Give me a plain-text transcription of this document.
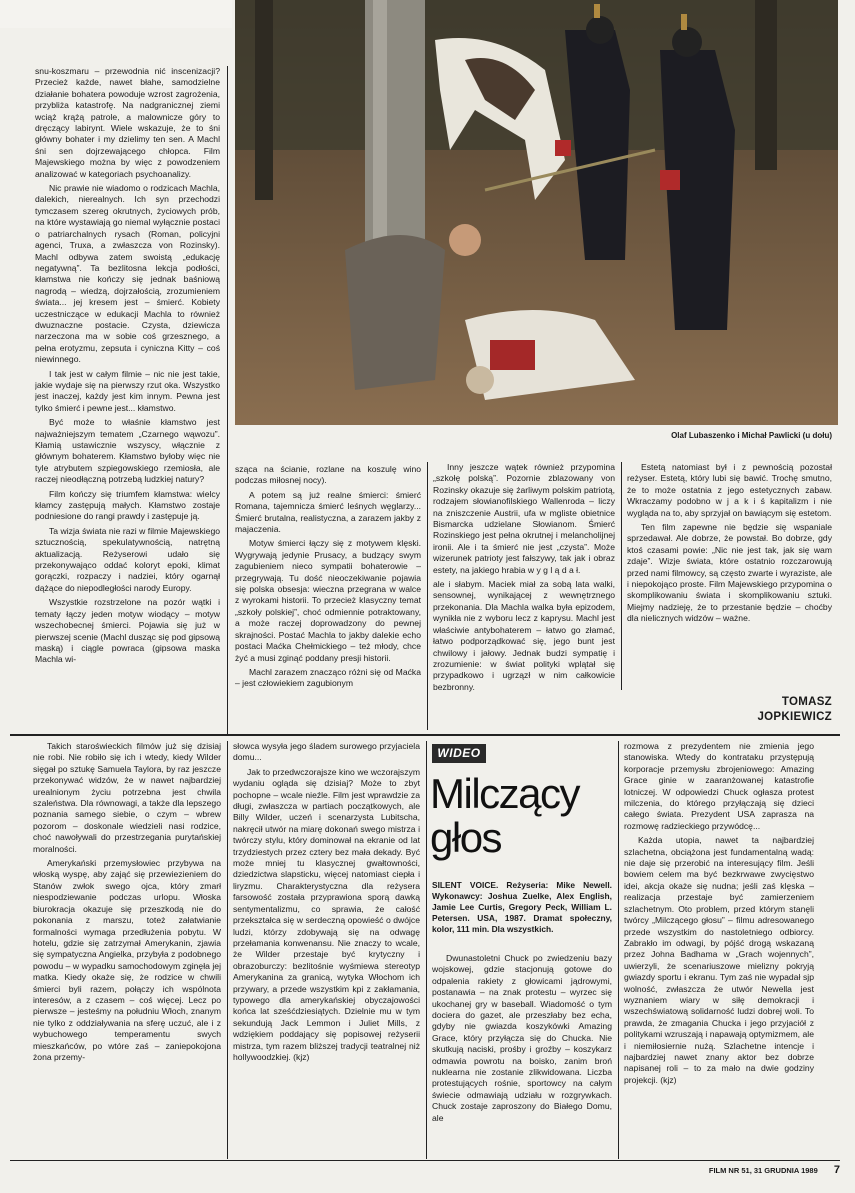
snu-koszmaru – przewodnia nić inscenizacji? Przecież każde, nawet błahe, samodzielne działanie bohatera powoduje wzrost zagrożenia, przybliża katastrofę. Na nadgranicznej ziemi wciąż krążą patrole, a malownicze góry to dręczący labirynt. Wiele wskazuje, że to śni główny bohater i my dzielimy ten sen. A Machl śni sen dojrzewającego chłopca. Film Majewskiego można by więc z powodzeniem analizować w kategoriach psychoanalizy.

Nic prawie nie wiadomo o rodzicach Machla, dalekich, nierealnych. Ich syn przechodzi tymczasem szereg okrutnych, życiowych prób, na które wystawiają go niemal wyłącznie postaci o patriarchalnych rysach (Roman, policyjni agenci, Truxa, a zwłaszcza von Rozinsky). Machl odbywa zatem swoistą „edukację negatywną”. Ta bezlitosna lekcja podłości, kłamstwa nie kończy się jednak baśniową nagrodą – wiedzą, dojrzałością, zrozumieniem świata... jej kresem jest – śmierć. Kobiety uczestniczące w edukacji Machla to również dwuznaczne postacie. Czysta, dziewicza narzeczona ma w sobie coś grzesznego, a pełna erotyzmu, zepsuta i cyniczna Kitty – coś niewinnego.

I tak jest w całym filmie – nic nie jest takie, jakie wydaje się na pierwszy rzut oka. Wszystko jest inaczej, każdy jest kim innym. Pewna jest tylko śmierć i pewne jest... kłamstwo.

Być może to właśnie kłamstwo jest najważniejszym tematem „Czarnego wąwozu”. Kłamią ustawicznie wszyscy, włącznie z głównym bohaterem. Kłamstwo byłoby więc nie tyle atrybutem szpiegowskiego rzemiosła, ale raczej nieodłączną potrzebą ludzkiej natury?

Film kończy się triumfem kłamstwa: wielcy kłamcy zastępują małych. Kłamstwo zostaje podniesione do rangi prawdy i zastępuje ją.

Ta wizja świata nie razi w filmie Majewskiego sztucznością, spekulatywnością, natrętną aktualizacją. Reżyserowi udało się przekonywająco oddać koloryt epoki, klimat gorączki, rozpaczy i nadziei, który ogarnął dążące do niepodległości narody Europy.

Wszystkie rozstrzelone na pozór wątki i tematy łączy jeden motyw wiodący – motyw wszechobecnej śmierci. Pojawia się już w pierwszej scenie (Machl dusząc się pod gipsową maską) i ciągle powraca (gipsowa maska Machla wi-

Olaf Lubaszenko i Michał Pawlicki (u dołu)

sząca na ścianie, rozlane na koszulę wino podczas miłosnej nocy).

A potem są już realne śmierci: śmierć Romana, tajemnicza śmierć leśnych węglarzy... Śmierć brutalna, realistyczna, a zarazem jakby z majaczenia.

Motyw śmierci łączy się z motywem klęski. Wygrywają jedynie Prusacy, a budzący swym zagubieniem nieco sympatii bohaterowie – przegrywają. Tu dość nieoczekiwanie pojawia się polska obsesja: wieczna przegrana w walce z wyrokami historii. To przecież klasyczny temat „szkoły polskiej”, choć odmiennie potraktowany, a może raczej doprowadzony do pewnej skrajności. Postać Machla to jakby dalekie echo postaci Maćka Chełmickiego – też młody, chce żyć a musi zginąć poddany presji historii.

Machl zarazem znacząco różni się od Maćka – jest człowiekiem zagubionym

Inny jeszcze wątek również przypomina „szkołę polską”. Pozornie zblazowany von Rozinsky okazuje się żarliwym polskim patriotą, rodzajem słowianofilskiego Wallenroda – liczy na zniszczenie Austrii, ufa w mgliste obietnice Bismarcka udzielane Słowianom. Śmierć Rozinskiego jest pełna okrutnej i melancholijnej ironii. Ale i ta śmierć nie jest „czysta”. Może wizerunek patrioty jest fałszywy, tak jak i obraz estety, na jakiego hrabia w y g l ą d a ł.

ale i słabym. Maciek miał za sobą lata walki, sensownej, wynikającej z wewnętrznego przekonania. Dla Machla walka była epizodem, wynikła nie z wyboru lecz z kaprysu. Machl jest właściwie antybohaterem – łatwo go złamać, łatwo podporządkować się, jego bunt jest chwilowy i jałowy. Jednak budzi sympatię i zrozumienie: w świat polityki wplątał się przypadkowo i ugrzązł w nim całkowicie bezbronny.

Estetą natomiast był i z pewnością pozostał reżyser. Estetą, który lubi się bawić. Trochę smutno, że to może ostatnia z jego estetycznych zabaw. Wkraczamy podobno w j a k i ś kapitalizm i nie wygląda na to, aby sprzyjał on bawiącym się estetom.

Ten film zapewne nie będzie się wspaniale sprzedawał. Ale dobrze, że powstał. Bo dobrze, gdy ktoś czasami powie: „Nic nie jest tak, jak się wam zdaje”. Wizje świata, które ostatnio rozczarowują przed nami filmowcy, są często zwarte i wyraziste, ale i niepokojąco proste. Film Majewskiego przypomina o skomplikowaniu świata i skomplikowaniu sztuki. Miejmy nadzieję, że to przestanie będzie – choćby dla nielicznych widzów – ważne.

TOMASZ
JOPKIEWICZ

Takich staroświeckich filmów już się dzisiaj nie robi. Nie robiło się ich i wtedy, kiedy Wilder sięgał po sztukę Samuela Taylora, by raz jeszcze przekonywać widzów, że w nawet najbardziej urealnionym życiu potrzebna jest chwila szaleństwa. Dla równowagi, a także dla lepszego poznania samego siebie, o czym – wbrew pozorom – doskonale wiedzieli nasi rodzice, choć nawoływali do przestrzegania purytańskiej moralności.

Amerykański przemysłowiec przybywa na włoską wyspę, aby zająć się przewiezieniem do Stanów zwłok swego ojca, który zmarł niespodziewanie podczas urlopu. Włoska biurokracja okazuje się przeszkodą nie do pokonania z marszu, toteż załatwianie formalności wymaga przedłużenia pobytu. W hotelu, gdzie się zatrzymał Amerykanin, zjawia się sympatyczna Angielka, przybyła z podobnego powodu – w wypadku samochodowym zginęła jej matka. Kiedy okaże się, że rodzice w chwili śmierci byli razem, połączy ich wspólnota interesów, a z czasem – coś więcej. Lecz po pierwsze – jesteśmy na południu Włoch, znanym nie tylko z oddziaływania na sferę uczuć, ale i z wybuchowego temperamentu swych mieszkańców, po wtóre zaś – zaniepokojona żona przemy-

słowca wysyła jego śladem surowego przyjaciela domu...

Jak to przedwczorajsze kino we wczorajszym wydaniu ogląda się dzisiaj? Może to zbyt pochopne – wcale nieźle. Film jest wprawdzie za długi, zwłaszcza w partiach początkowych, ale Billy Wilder, uczeń i scenarzysta Lubitscha, nakręcił utwór na miarę dokonań swego mistrza i twórczy stylu, który dominował na ekranie od lat trzydziestych przez cztery bez mała dekady. Być może mniej tu klasycznej gwałtowności, dziedzictwa slapsticku, więcej natomiast ciepła i liryzmu. Charakterystyczna dla reżysera farsowość została przyprawiona sporą dawką sentymentalizmu, co sprawia, że całość przekształca się w serdeczną opowieść o dwójce ludzi, którzy zdobywają się na odwagę przełamania konwenansu. Nie znaczy to wcale, że Wilder przestaje być krytyczny i obrazoburczy: bezlitośnie wyśmiewa stereotyp Amerykanina za granicą, wytyka Włochom ich przywary, a przede wszystkim kpi z zakłamania, typowego dla amerykańskiej obyczajowości końca lat sześćdziesiątych. Dzielnie mu w tym sekundują Jack Lemmon i Juliet Mills, z wdziękiem poddający się popisowej reżyserii mistrza, tym razem bliższej tradycji teatralnej niż hollywoodzkiej. (kjz)

WIDEO
Milczący głos
SILENT VOICE. Reżyseria: Mike Newell. Wykonawcy: Joshua Zuelke, Alex English, Jamie Lee Curtis, Gregory Peck, William L. Petersen. USA, 1987. Dramat społeczny, kolor, 111 min. Dla wszystkich.

Dwunastoletni Chuck po zwiedzeniu bazy wojskowej, gdzie stacjonują gotowe do odpalenia rakiety z głowicami jądrowymi, postanawia – na znak protestu – wyrzec się ukochanej gry w baseball. Wiadomość o tym dociera do gazet, ale przeszłaby bez echa, gdyby nie gwiazda koszykówki Amazing Grace, który przyłącza się do Chucka. Nie skutkują naciski, prośby i groźby – koszykarz odmawia powrotu na boisko, zanim broń nuklearna nie zostanie zlikwidowana. Liczba protestujących rośnie, sportowcy na całym świecie odmawiają udziału w rozgrywkach. Chuck zostaje zaproszony do Białego Domu, ale

rozmowa z prezydentem nie zmienia jego stanowiska. Wtedy do kontrataku przystępują korporacje przemysłu zbrojeniowego: Amazing Grace ginie w zaaranżowanej katastrofie lotniczej. W odpowiedzi Chuck ogłasza protest milczenia, do którego przyłączają się dzieci całego świata. Prezydent USA zaprasza na rozmowę radzieckiego przywódcę...

Każda utopia, nawet ta najbardziej szlachetna, obciążona jest fundamentalną wadą: nie daje się przerobić na interesujący film. Jeśli bowiem celem ma być bezkrwawe zwycięstwo idei, akcja okaże się nudna; jeśli zaś klęska – realizacja przestaje być zamierzeniem szlachetnym. Oto problem, przed którym stanęli twórcy „Milczącego głosu” – filmu adresowanego przede wszystkim do nastoletniego odbiorcy. Zabrakło im odwagi, by pójść drogą wskazaną przez Johna Badhama w „Grach wojennych”, uwierzyli, że scenariuszowe mielizny pokryją gwiazdy sportu i ekranu. Tym zaś nie wypadał sjp wolność, zwłaszcza że utwór Newella jest wyznaniem wiary w siłę demokracji i wszechświatową solidarność ludzi dobrej woli. To prawda, że zmagania Chucka i jego przyjaciół z politykami wzruszają i napawają optymizmem, ale i niemiłosiernie nużą. Szlachetne intencje i najbardziej nawet znany aktor bez dobrze napisanej roli – to za mało na dwie godziny projekcji. (kjz)

FILM NR 51, 31 GRUDNIA 1989 7
